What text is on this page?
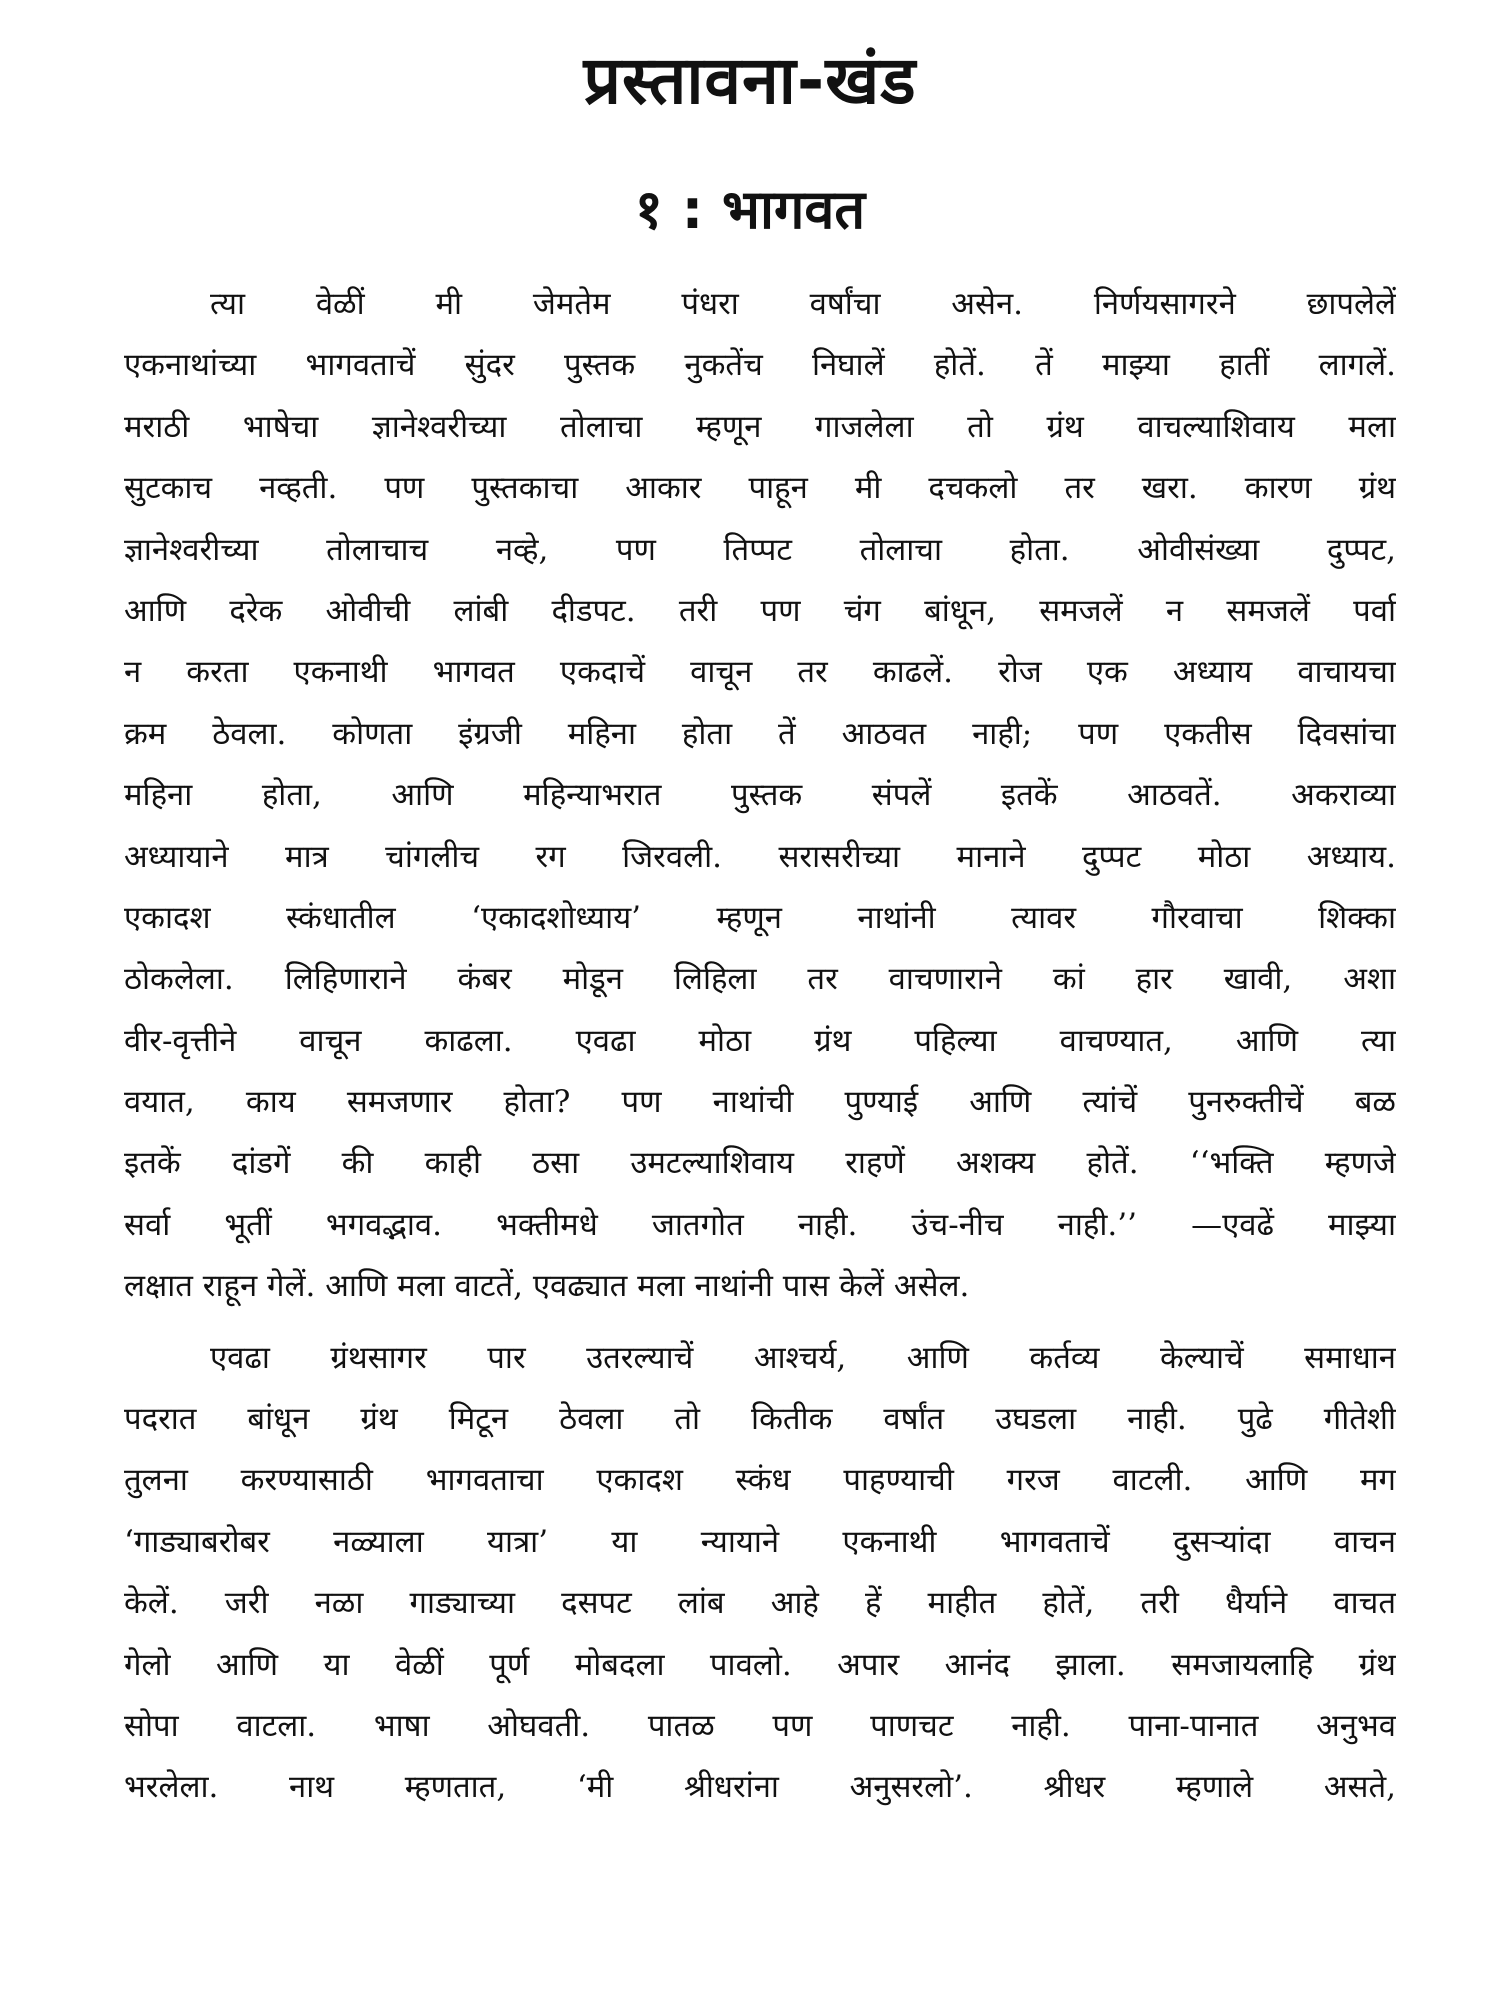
प्रस्तावना-खंड
१ : भागवत
त्या वेळीं मी जेमतेम पंधरा वर्षांचा असेन. निर्णयसागरने छापलेलें
एकनाथांच्या भागवताचें सुंदर पुस्तक नुकतेंच निघालें होतें. तें माझ्या हातीं लागलें.
मराठी भाषेचा ज्ञानेश्वरीच्या तोलाचा म्हणून गाजलेला तो ग्रंथ वाचल्याशिवाय मला
सुटकाच नव्हती. पण पुस्तकाचा आकार पाहून मी दचकलो तर खरा. कारण ग्रंथ
ज्ञानेश्वरीच्या तोलाचाच नव्हे, पण तिप्पट तोलाचा होता. ओवीसंख्या दुप्पट,
आणि दरेक ओवीची लांबी दीडपट. तरी पण चंग बांधून, समजलें न समजलें पर्वा
न करता एकनाथी भागवत एकदाचें वाचून तर काढलें. रोज एक अध्याय वाचायचा
क्रम ठेवला. कोणता इंग्रजी महिना होता तें आठवत नाही; पण एकतीस दिवसांचा
महिना होता, आणि महिन्याभरात पुस्तक संपलें इतकें आठवतें. अकराव्या
अध्यायाने मात्र चांगलीच रग जिरवली. सरासरीच्या मानाने दुप्पट मोठा अध्याय.
एकादश स्कंधातील ‘एकादशोध्याय’ म्हणून नाथांनी त्यावर गौरवाचा शिक्का
ठोकलेला. लिहिणाराने कंबर मोडून लिहिला तर वाचणाराने कां हार खावी, अशा
वीर-वृत्तीने वाचून काढला. एवढा मोठा ग्रंथ पहिल्या वाचण्यात, आणि त्या
वयात, काय समजणार होता? पण नाथांची पुण्याई आणि त्यांचें पुनरुक्तीचें बळ
इतकें दांडगें की काही ठसा उमटल्याशिवाय राहणें अशक्य होतें. ‘‘भक्ति म्हणजे
सर्वा भूतीं भगवद्भाव. भक्तीमधे जातगोत नाही. उंच-नीच नाही.’’ —एवढें माझ्या
लक्षात राहून गेलें. आणि मला वाटतें, एवढ्यात मला नाथांनी पास केलें असेल.
एवढा ग्रंथसागर पार उतरल्याचें आश्चर्य, आणि कर्तव्य केल्याचें समाधान
पदरात बांधून ग्रंथ मिटून ठेवला तो कितीक वर्षांत उघडला नाही. पुढे गीतेशी
तुलना करण्यासाठी भागवताचा एकादश स्कंध पाहण्याची गरज वाटली. आणि मग
‘गाड्याबरोबर नळ्याला यात्रा’ या न्यायाने एकनाथी भागवताचें दुसऱ्यांदा वाचन
केलें. जरी नळा गाड्याच्या दसपट लांब आहे हें माहीत होतें, तरी धैर्याने वाचत
गेलो आणि या वेळीं पूर्ण मोबदला पावलो. अपार आनंद झाला. समजायलाहि ग्रंथ
सोपा वाटला. भाषा ओघवती. पातळ पण पाणचट नाही. पाना-पानात अनुभव
भरलेला. नाथ म्हणतात, ‘मी श्रीधरांना अनुसरलो’. श्रीधर म्हणाले असते,
